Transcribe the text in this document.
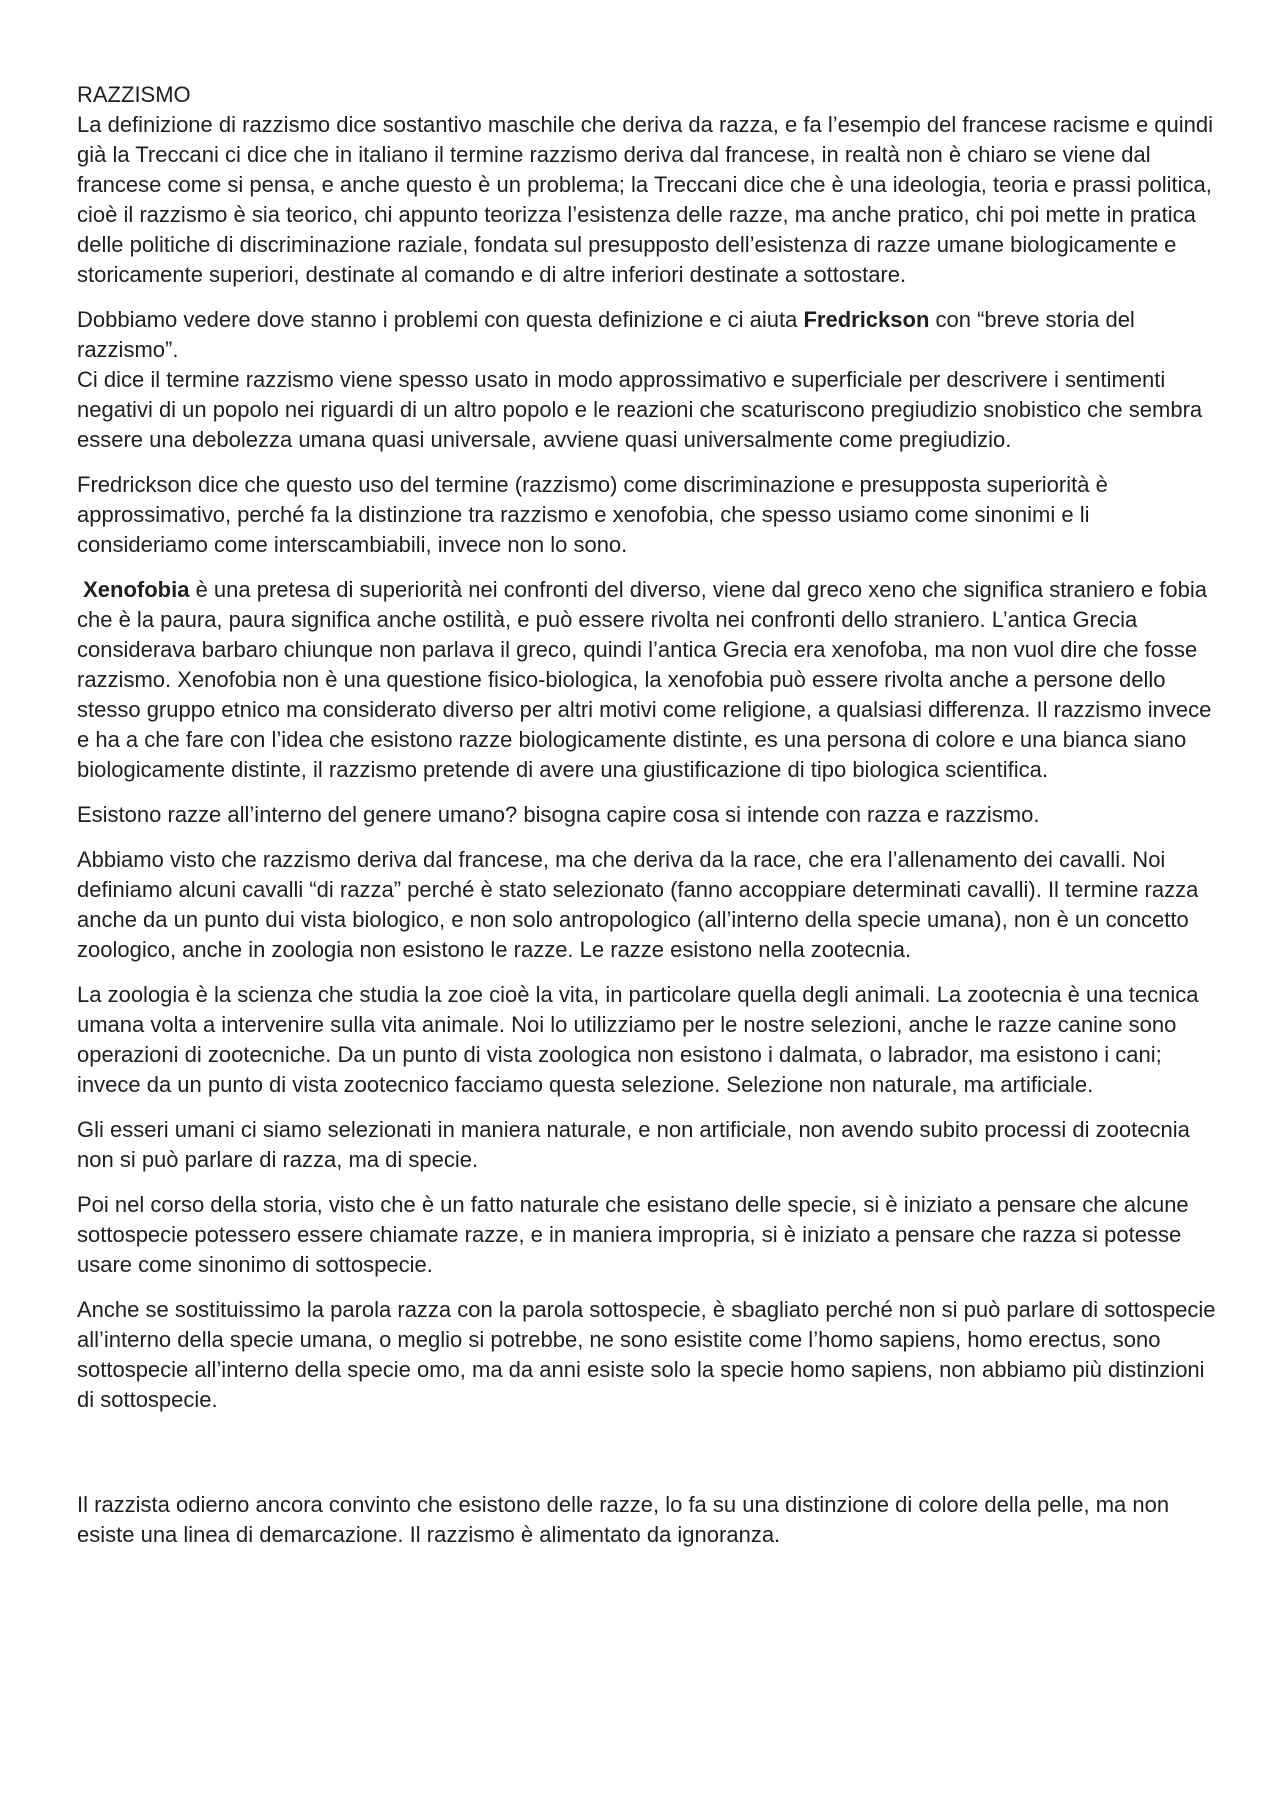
RAZZISMO

La definizione di razzismo dice sostantivo maschile che deriva da razza, e fa l’esempio del francese racisme e quindi già la Treccani ci dice che in italiano il termine razzismo deriva dal francese, in realtà non è chiaro se viene dal francese come si pensa, e anche questo è un problema; la Treccani dice che è una ideologia, teoria e prassi politica, cioè il razzismo è sia teorico, chi appunto teorizza l’esistenza delle razze, ma anche pratico, chi poi mette in pratica delle politiche di discriminazione raziale, fondata sul presupposto dell’esistenza di razze umane biologicamente e storicamente superiori, destinate al comando e di altre inferiori destinate a sottostare.

Dobbiamo vedere dove stanno i problemi con questa definizione e ci aiuta Fredrickson con “breve storia del razzismo”.
Ci dice il termine razzismo viene spesso usato in modo approssimativo e superficiale per descrivere i sentimenti negativi di un popolo nei riguardi di un altro popolo e le reazioni che scaturiscono pregiudizio snobistico che sembra essere una debolezza umana quasi universale, avviene quasi universalmente come pregiudizio.

Fredrickson dice che questo uso del termine (razzismo) come discriminazione e presupposta superiorità è approssimativo, perché fa la distinzione tra razzismo e xenofobia, che spesso usiamo come sinonimi e li consideriamo come interscambiabili, invece non lo sono.

Xenofobia è una pretesa di superiorità nei confronti del diverso, viene dal greco xeno che significa straniero e fobia che è la paura, paura significa anche ostilità, e può essere rivolta nei confronti dello straniero. L’antica Grecia considerava barbaro chiunque non parlava il greco, quindi l’antica Grecia era xenofoba, ma non vuol dire che fosse razzismo. Xenofobia non è una questione fisico-biologica, la xenofobia può essere rivolta anche a persone dello stesso gruppo etnico ma considerato diverso per altri motivi come religione, a qualsiasi differenza. Il razzismo invece e ha a che fare con l’idea che esistono razze biologicamente distinte, es una persona di colore e una bianca siano biologicamente distinte, il razzismo pretende di avere una giustificazione di tipo biologica scientifica.

Esistono razze all’interno del genere umano? bisogna capire cosa si intende con razza e razzismo.

Abbiamo visto che razzismo deriva dal francese, ma che deriva da la race, che era l’allenamento dei cavalli. Noi definiamo alcuni cavalli “di razza” perché è stato selezionato (fanno accoppiare determinati cavalli). Il termine razza anche da un punto dui vista biologico, e non solo antropologico (all’interno della specie umana), non è un concetto zoologico, anche in zoologia non esistono le razze. Le razze esistono nella zootecnia.

La zoologia è la scienza che studia la zoe cioè la vita, in particolare quella degli animali. La zootecnia è una tecnica umana volta a intervenire sulla vita animale. Noi lo utilizziamo per le nostre selezioni, anche le razze canine sono operazioni di zootecniche. Da un punto di vista zoologica non esistono i dalmata, o labrador, ma esistono i cani; invece da un punto di vista zootecnico facciamo questa selezione. Selezione non naturale, ma artificiale.

Gli esseri umani ci siamo selezionati in maniera naturale, e non artificiale, non avendo subito processi di zootecnia non si può parlare di razza, ma di specie.

Poi nel corso della storia, visto che è un fatto naturale che esistano delle specie, si è iniziato a pensare che alcune sottospecie potessero essere chiamate razze, e in maniera impropria, si è iniziato a pensare che razza si potesse usare come sinonimo di sottospecie.

Anche se sostituissimo la parola razza con la parola sottospecie, è sbagliato perché non si può parlare di sottospecie all’interno della specie umana, o meglio si potrebbe, ne sono esistite come l’homo sapiens, homo erectus, sono sottospecie all’interno della specie omo, ma da anni esiste solo la specie homo sapiens, non abbiamo più distinzioni di sottospecie.

Il razzista odierno ancora convinto che esistono delle razze, lo fa su una distinzione di colore della pelle, ma non esiste una linea di demarcazione. Il razzismo è alimentato da ignoranza.
